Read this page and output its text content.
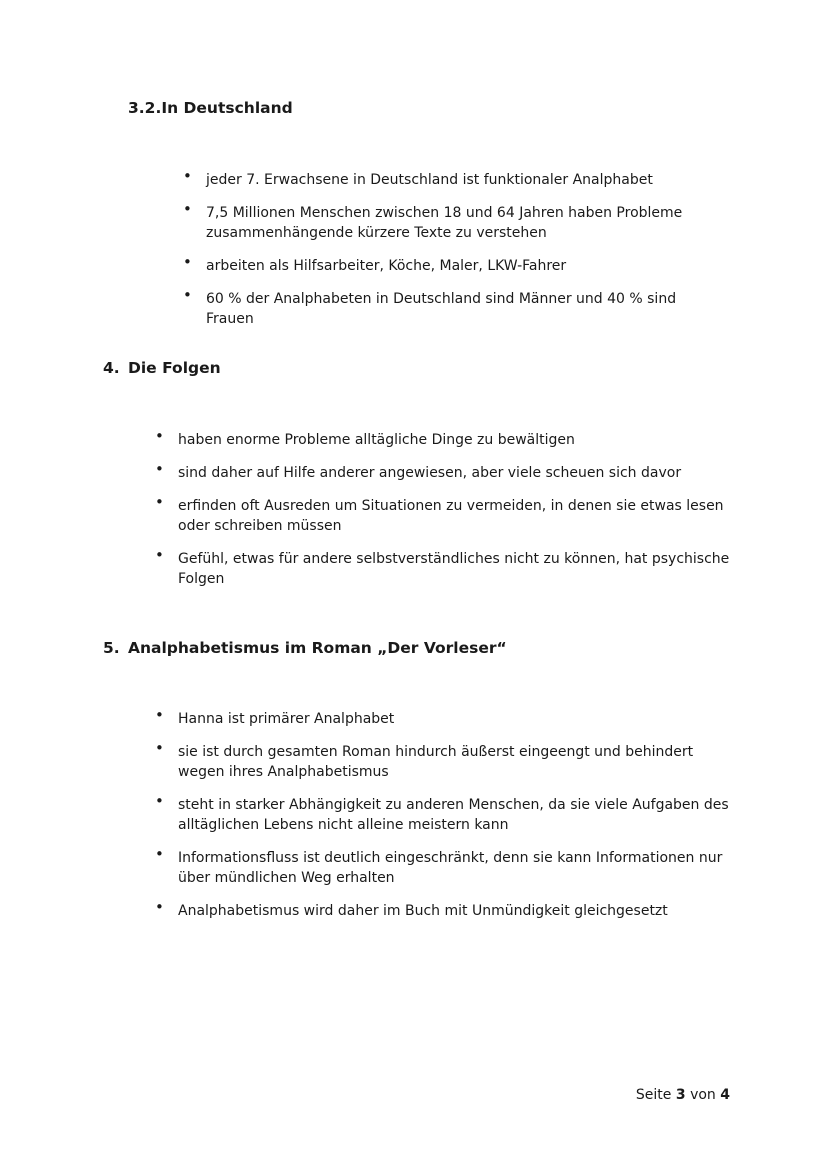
3.2.In Deutschland
• jeder 7. Erwachsene in Deutschland ist funktionaler Analphabet
• 7,5 Millionen Menschen zwischen 18 und 64 Jahren haben Probleme zusammenhängende kürzere Texte zu verstehen
• arbeiten als Hilfsarbeiter, Köche, Maler, LKW-Fahrer
• 60 % der Analphabeten in Deutschland sind Männer und 40 % sind Frauen
4. Die Folgen
• haben enorme Probleme alltägliche Dinge zu bewältigen
• sind daher auf Hilfe anderer angewiesen, aber viele scheuen sich davor
• erfinden oft Ausreden um Situationen zu vermeiden, in denen sie etwas lesen oder schreiben müssen
• Gefühl, etwas für andere selbstverständliches nicht zu können, hat psychische Folgen
5. Analphabetismus im Roman „Der Vorleser“
• Hanna ist primärer Analphabet
• sie ist durch gesamten Roman hindurch äußerst eingeengt und behindert wegen ihres Analphabetismus
• steht in starker Abhängigkeit zu anderen Menschen, da sie viele Aufgaben des alltäglichen Lebens nicht alleine meistern kann
• Informationsfluss ist deutlich eingeschränkt, denn sie kann Informationen nur über mündlichen Weg erhalten
• Analphabetismus wird daher im Buch mit Unmündigkeit gleichgesetzt
Seite 3 von 4
